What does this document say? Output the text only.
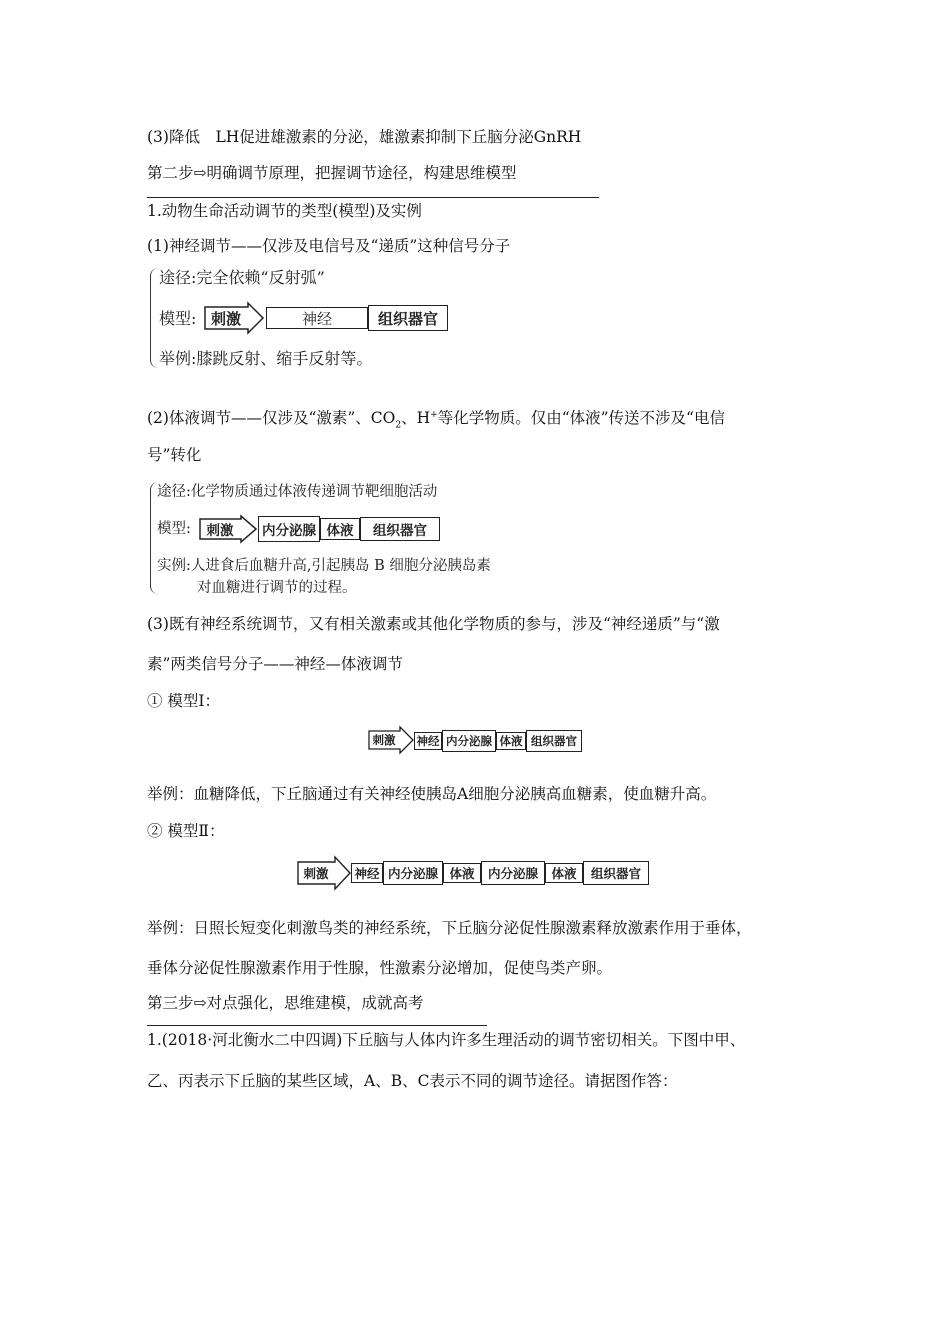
(3)降低　LH促进雄激素的分泌，雄激素抑制下丘脑分泌GnRH
第二步⇨明确调节原理，把握调节途径，构建思维模型
1.动物生命活动调节的类型(模型)及实例
(1)神经调节——仅涉及电信号及“递质”这种信号分子
途径:完全依赖“反射弧”
模型: 刺激	神经	组织器官
举例:膝跳反射、缩手反射等。
(2)体液调节——仅涉及“激素”、$CO_2$、H+等化学物质。仅由“体液”传送不涉及“电信
号”转化
途径:化学物质通过体液传递调节靶细胞活动
模型:	刺激	内分泌腺 体液	组织器官
实例:人进食后血糖升高,引起胰岛 B 细胞分泌胰岛素
对血糖进行调节的过程。
(3)既有神经系统调节，又有相关激素或其他化学物质的参与，涉及“神经递质”与“激
素”两类信号分子——神经—体液调节
① 模型Ⅰ：
刺激	神经 内分泌腺 体液 组织器官
举例：血糖降低，下丘脑通过有关神经使胰岛A细胞分泌胰高血糖素，使血糖升高。
② 模型Ⅱ：
刺激	神经 内分泌腺 体液	内分泌腺	体液	组织器官
举例：日照长短变化刺激鸟类的神经系统，下丘脑分泌促性腺激素释放激素作用于垂体，
垂体分泌促性腺激素作用于性腺，性激素分泌增加，促使鸟类产卵。
第三步⇨对点强化，思维建模，成就高考
1.(2018·河北衡水二中四调)下丘脑与人体内许多生理活动的调节密切相关。下图中甲、
乙、丙表示下丘脑的某些区域，A、B、C表示不同的调节途径。请据图作答：
